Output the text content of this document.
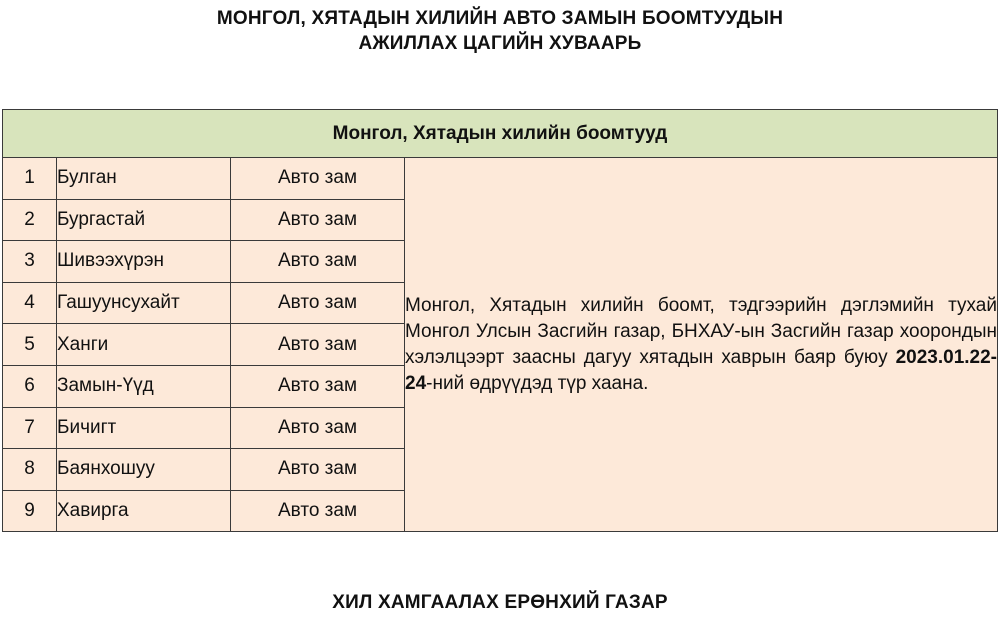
МОНГОЛ, ХЯТАДЫН ХИЛИЙН АВТО ЗАМЫН БООМТУУДЫН
АЖИЛЛАХ ЦАГИЙН ХУВААРЬ
Монгол, Хятадын хилийн боомтууд			
1	Булган	Авто зам	Монгол, Хятадын хилийн боомт, тэдгээрийн дэглэмийн тухай Монгол Улсын Засгийн газар, БНХАУ-ын Засгийн газар хоорондын хэлэлцээрт заасны дагуу хятадын хаврын баяр буюу 2023.01.22-24-ний өдрүүдэд түр хаана.
2	Бургастай	Авто зам	
3	Шивээхүрэн	Авто зам	
4	Гашуунсухайт	Авто зам	
5	Ханги	Авто зам	
6	Замын-Үүд	Авто зам	
7	Бичигт	Авто зам	
8	Баянхошуу	Авто зам	
9	Хавирга	Авто зам	
ХИЛ ХАМГААЛАХ ЕРӨНХИЙ ГАЗАР
